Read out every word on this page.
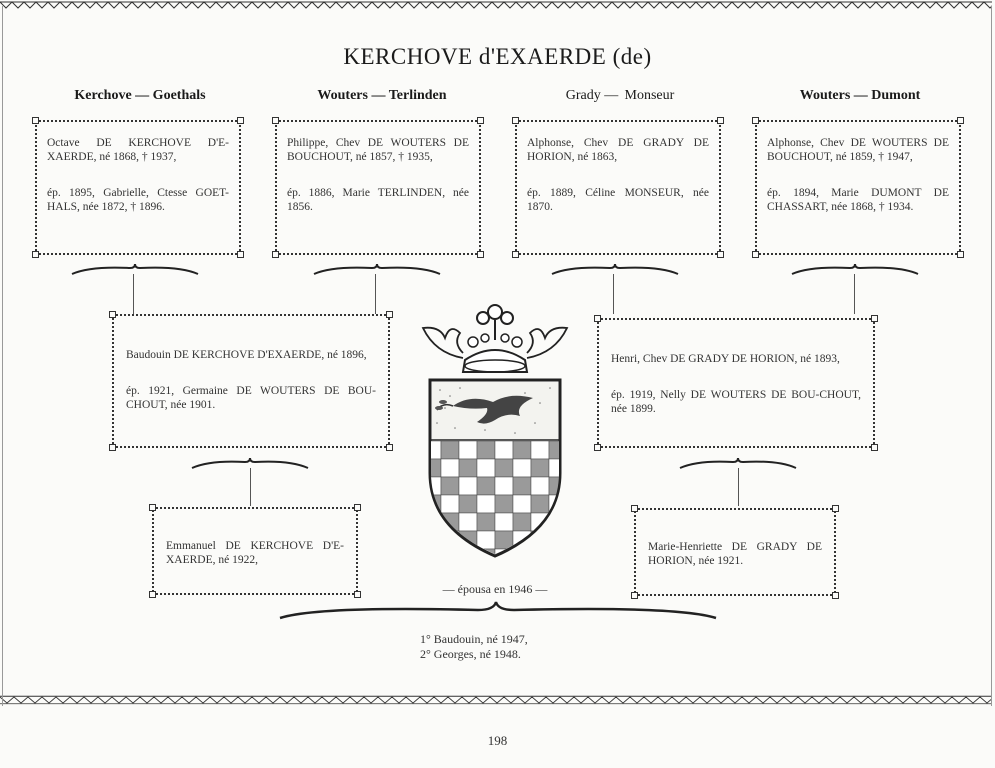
KERCHOVE d'EXAERDE (de)
Kerchove — Goethals	Wouters — Terlinden	Grady —  Monseur	Wouters — Dumont
Octave DE KERCHOVE D'E-XAERDE, né 1868, † 1937,
ép. 1895, Gabrielle, Ctesse GOET-HALS, née 1872, † 1896.
Philippe, Chev DE WOUTERS DE BOUCHOUT, né 1857, † 1935,
ép. 1886, Marie TERLINDEN, née 1856.
Alphonse, Chev DE GRADY DE HORION, né 1863,
ép. 1889, Céline MONSEUR, née 1870.
Alphonse, Chev DE WOUTERS DE BOUCHOUT, né 1859, † 1947,
ép. 1894, Marie DUMONT DE CHASSART, née 1868, † 1934.
Baudouin DE KERCHOVE D'EXAERDE, né 1896,
ép. 1921, Germaine DE WOUTERS DE BOU-CHOUT, née 1901.
Henri, Chev DE GRADY DE HORION, né 1893,
ép. 1919, Nelly DE WOUTERS DE BOU-CHOUT, née 1899.
Emmanuel DE KERCHOVE D'E-XAERDE, né 1922,
Marie-Henriette DE GRADY DE HORION, née 1921.
— épousa en 1946 —
1° Baudouin, né 1947,
2° Georges, né 1948.
198
